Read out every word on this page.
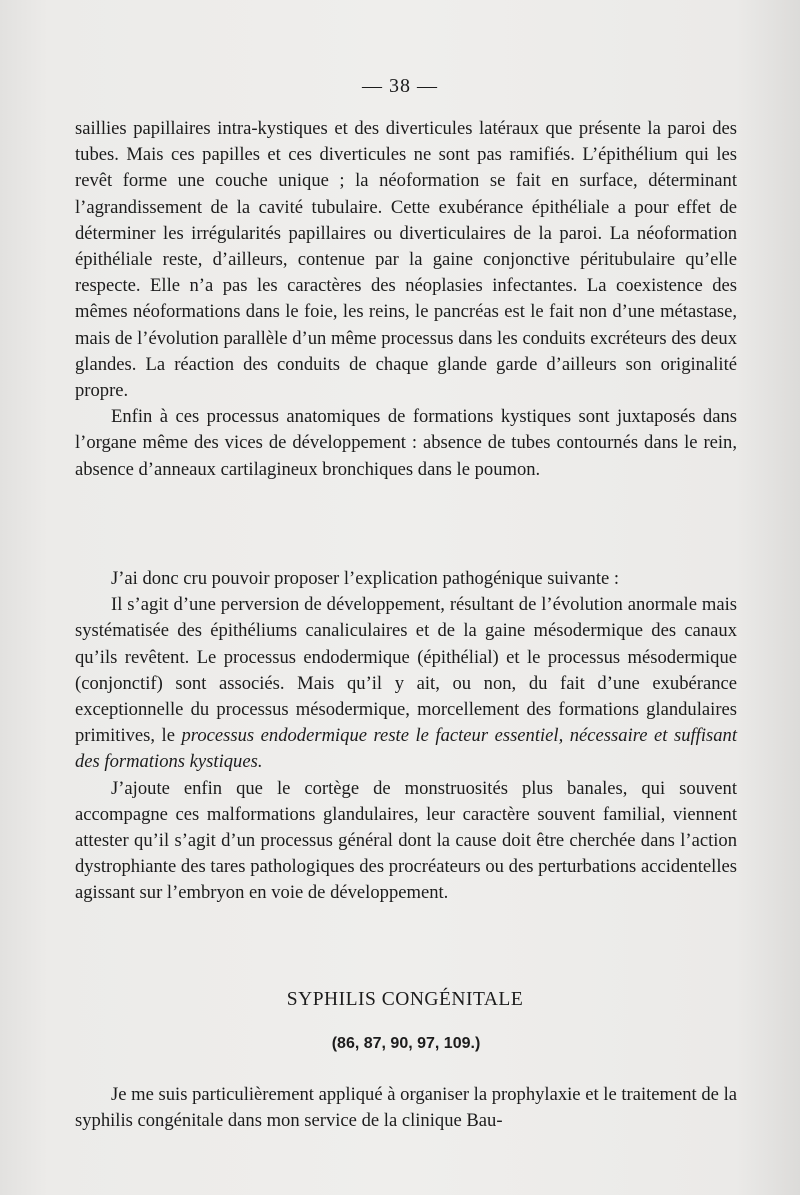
— 38 —

saillies papillaires intra-kystiques et des diverticules latéraux que présente la paroi des tubes. Mais ces papilles et ces diverticules ne sont pas ramifiés. L’épithélium qui les revêt forme une couche unique ; la néoformation se fait en surface, déterminant l’agrandissement de la cavité tubulaire. Cette exubérance épithéliale a pour effet de déterminer les irrégularités papillaires ou diverticulaires de la paroi. La néoformation épithéliale reste, d’ailleurs, contenue par la gaine conjonctive péritubulaire qu’elle respecte. Elle n’a pas les caractères des néoplasies infectantes. La coexistence des mêmes néoformations dans le foie, les reins, le pancréas est le fait non d’une métastase, mais de l’évolution parallèle d’un même processus dans les conduits excréteurs des deux glandes. La réaction des conduits de chaque glande garde d’ailleurs son originalité propre.

Enfin à ces processus anatomiques de formations kystiques sont juxtaposés dans l’organe même des vices de développement : absence de tubes contournés dans le rein, absence d’anneaux cartilagineux bronchiques dans le poumon.

J’ai donc cru pouvoir proposer l’explication pathogénique suivante :

Il s’agit d’une perversion de développement, résultant de l’évolution anormale mais systématisée des épithéliums canaliculaires et de la gaine mésodermique des canaux qu’ils revêtent. Le processus endodermique (épithélial) et le processus mésodermique (conjonctif) sont associés. Mais qu’il y ait, ou non, du fait d’une exubérance exceptionnelle du processus mésodermique, morcellement des formations glandulaires primitives, le processus endodermique reste le facteur essentiel, nécessaire et suffisant des formations kystiques.

J’ajoute enfin que le cortège de monstruosités plus banales, qui souvent accompagne ces malformations glandulaires, leur caractère souvent familial, viennent attester qu’il s’agit d’un processus général dont la cause doit être cherchée dans l’action dystrophiante des tares pathologiques des procréateurs ou des perturbations accidentelles agissant sur l’embryon en voie de développement.

SYPHILIS CONGÉNITALE
(86, 87, 90, 97, 109.)

Je me suis particulièrement appliqué à organiser la prophylaxie et le traitement de la syphilis congénitale dans mon service de la clinique Bau-
